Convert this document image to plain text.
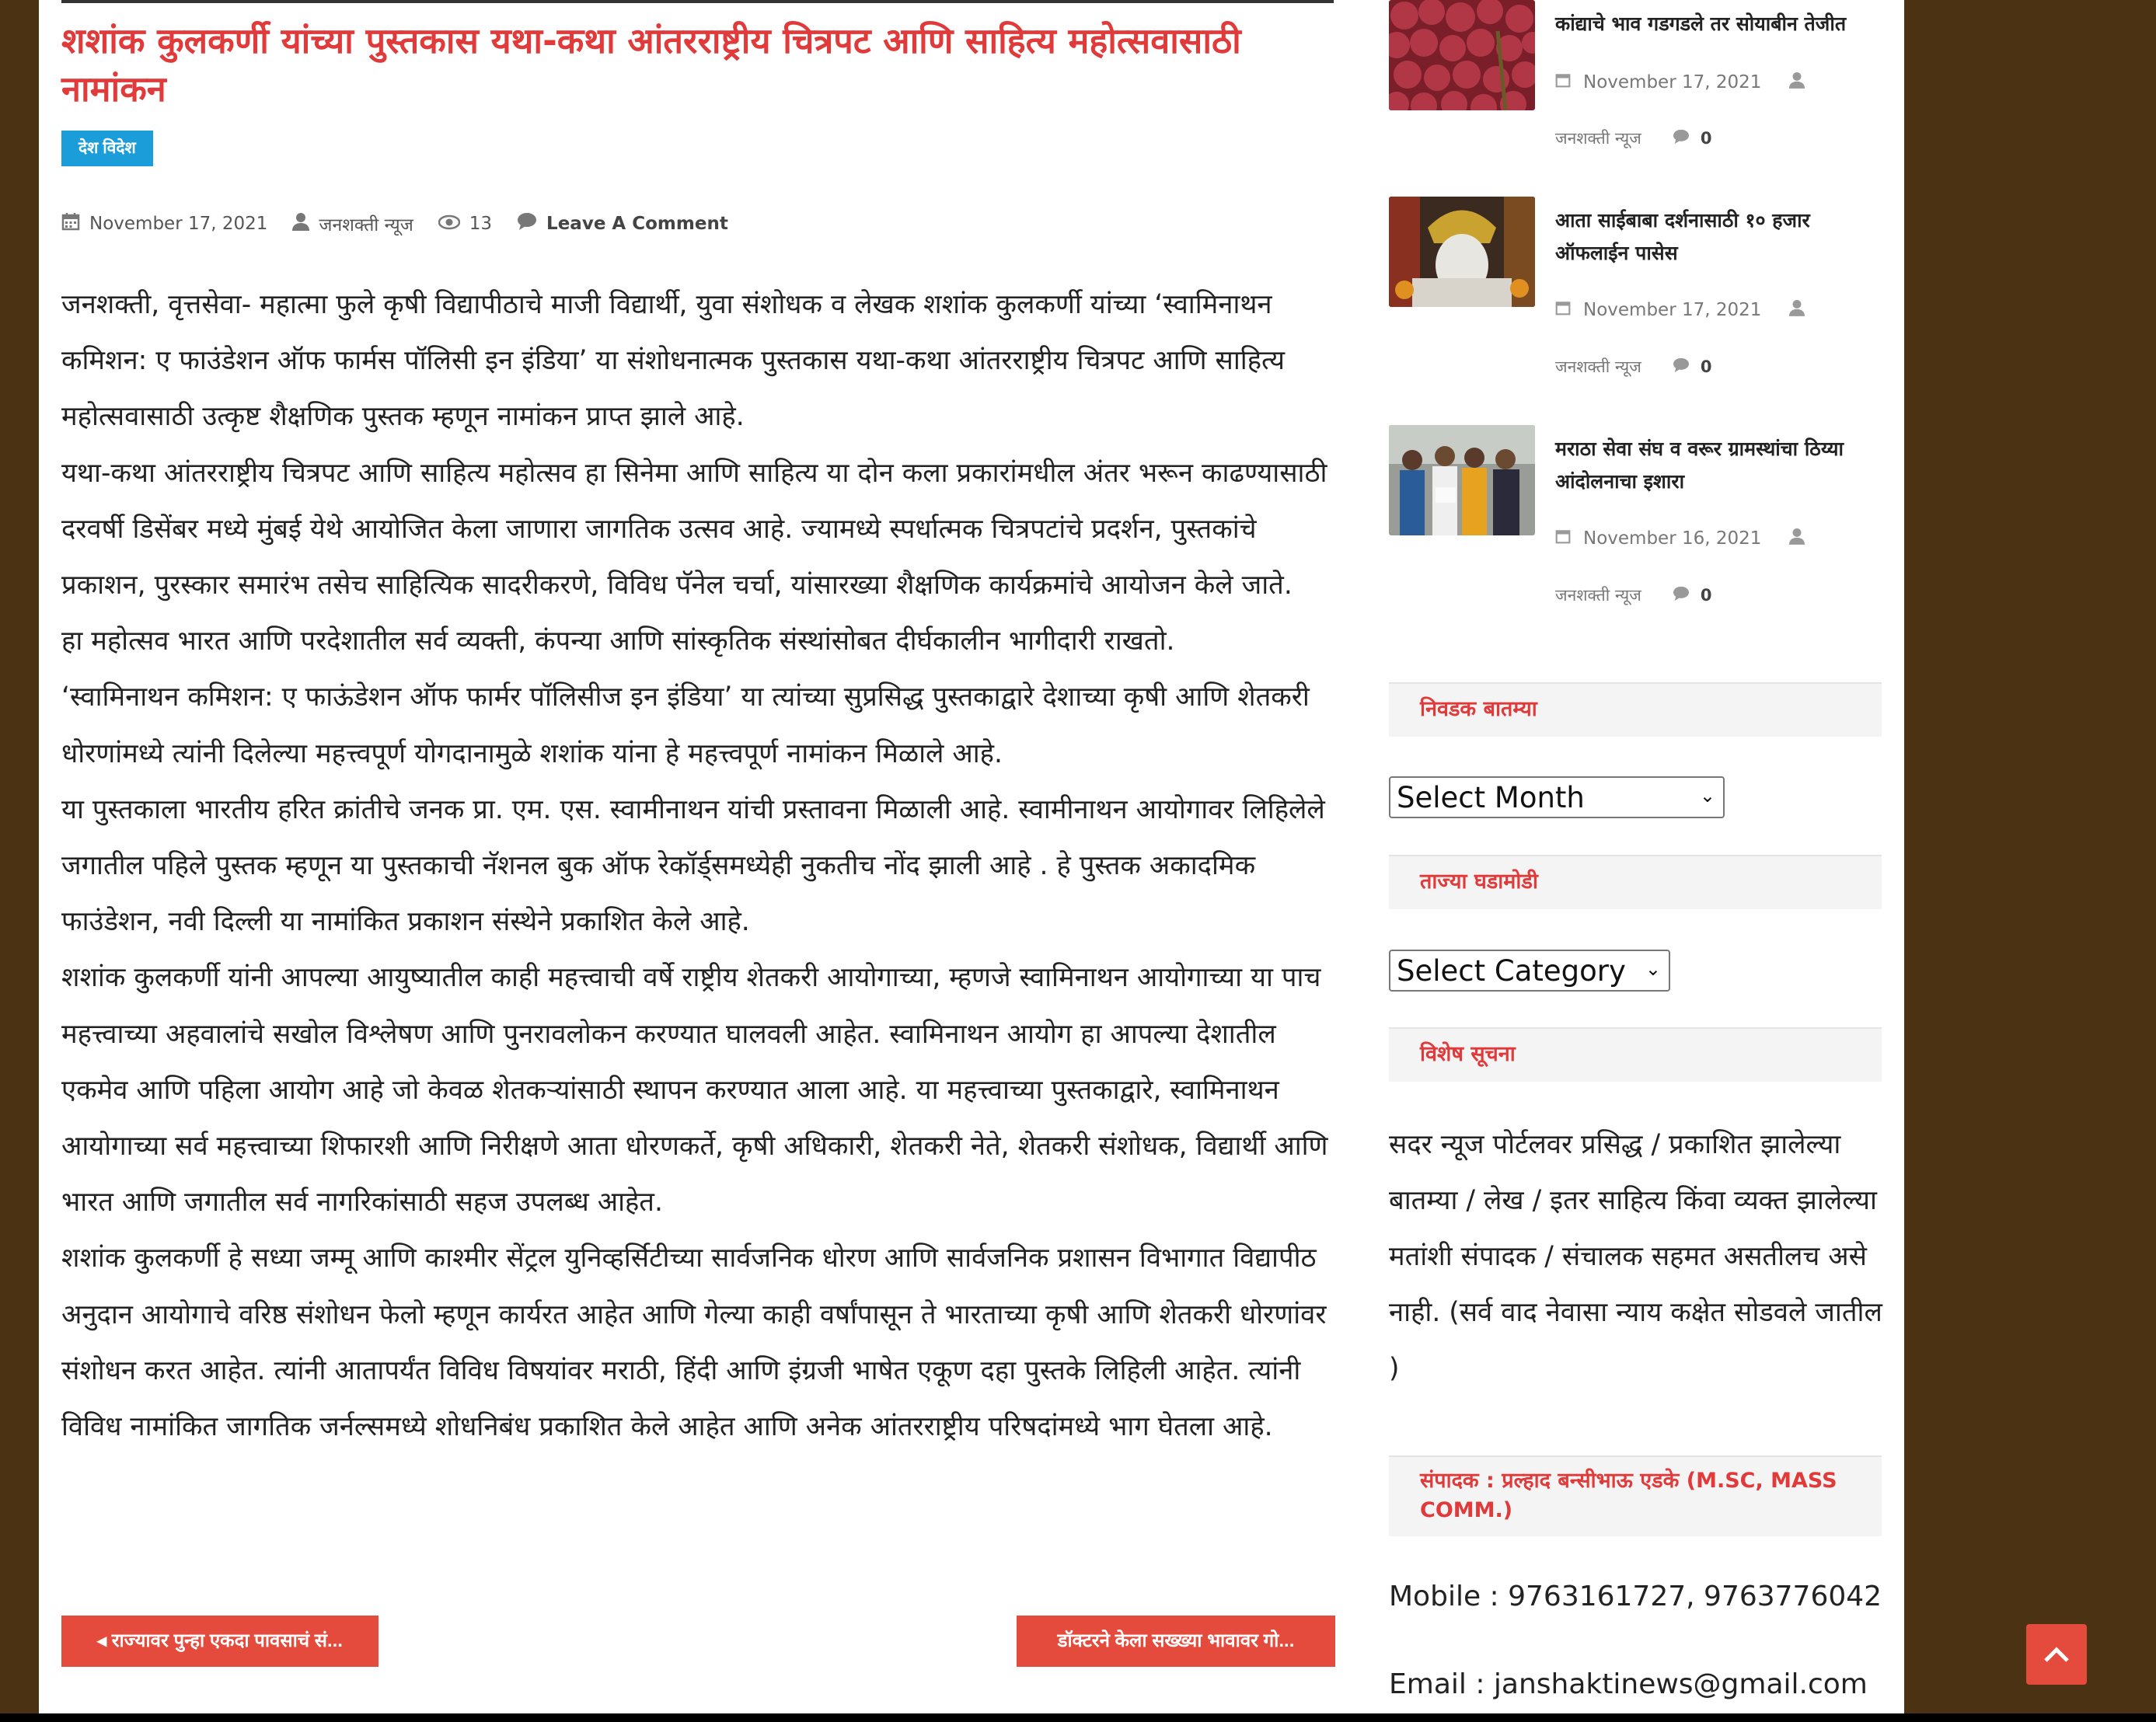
शशांक कुलकर्णी यांच्या पुस्तकास यथा-कथा आंतरराष्ट्रीय चित्रपट आणि साहित्य महोत्सवासाठी नामांकन
देश विदेश
November 17, 2021	जनशक्ती न्यूज	13	Leave A Comment

जनशक्ती, वृत्तसेवा- महात्मा फुले कृषी विद्यापीठाचे माजी विद्यार्थी, युवा संशोधक व लेखक शशांक कुलकर्णी यांच्या ‘स्वामिनाथन कमिशन: ए फाउंडेशन ऑफ फार्मस पॉलिसी इन इंडिया’ या संशोधनात्मक पुस्तकास यथा-कथा आंतरराष्ट्रीय चित्रपट आणि साहित्य महोत्सवासाठी उत्कृष्ट शैक्षणिक पुस्तक म्हणून नामांकन प्राप्त झाले आहे.

यथा-कथा आंतरराष्ट्रीय चित्रपट आणि साहित्य महोत्सव हा सिनेमा आणि साहित्य या दोन कला प्रकारांमधील अंतर भरून काढण्यासाठी दरवर्षी डिसेंबर मध्ये मुंबई येथे आयोजित केला जाणारा जागतिक उत्सव आहे. ज्यामध्ये स्पर्धात्मक चित्रपटांचे प्रदर्शन, पुस्तकांचे प्रकाशन, पुरस्कार समारंभ तसेच साहित्यिक सादरीकरणे, विविध पॅनेल चर्चा, यांसारख्या शैक्षणिक कार्यक्रमांचे आयोजन केले जाते.

हा महोत्सव भारत आणि परदेशातील सर्व व्यक्ती, कंपन्या आणि सांस्कृतिक संस्थांसोबत दीर्घकालीन भागीदारी राखतो.

‘स्वामिनाथन कमिशन: ए फाऊंडेशन ऑफ फार्मर पॉलिसीज इन इंडिया’ या त्यांच्या सुप्रसिद्ध पुस्तकाद्वारे देशाच्या कृषी आणि शेतकरी धोरणांमध्ये त्यांनी दिलेल्या महत्त्वपूर्ण योगदानामुळे शशांक यांना हे महत्त्वपूर्ण नामांकन मिळाले आहे.

या पुस्तकाला भारतीय हरित क्रांतीचे जनक प्रा. एम. एस. स्वामीनाथन यांची प्रस्तावना मिळाली आहे. स्वामीनाथन आयोगावर लिहिलेले जगातील पहिले पुस्तक म्हणून या पुस्तकाची नॅशनल बुक ऑफ रेकॉर्ड्समध्येही नुकतीच नोंद झाली आहे . हे पुस्तक अकादमिक फाउंडेशन, नवी दिल्ली या नामांकित प्रकाशन संस्थेने प्रकाशित केले आहे.

शशांक कुलकर्णी यांनी आपल्या आयुष्यातील काही महत्त्वाची वर्षे राष्ट्रीय शेतकरी आयोगाच्या, म्हणजे स्वामिनाथन आयोगाच्या या पाच महत्त्वाच्या अहवालांचे सखोल विश्लेषण आणि पुनरावलोकन करण्यात घालवली आहेत. स्वामिनाथन आयोग हा आपल्या देशातील एकमेव आणि पहिला आयोग आहे जो केवळ शेतकऱ्यांसाठी स्थापन करण्यात आला आहे. या महत्त्वाच्या पुस्तकाद्वारे, स्वामिनाथन आयोगाच्या सर्व महत्त्वाच्या शिफारशी आणि निरीक्षणे आता धोरणकर्ते, कृषी अधिकारी, शेतकरी नेते, शेतकरी संशोधक, विद्यार्थी आणि भारत आणि जगातील सर्व नागरिकांसाठी सहज उपलब्ध आहेत.

शशांक कुलकर्णी हे सध्या जम्मू आणि काश्मीर सेंट्रल युनिव्हर्सिटीच्या सार्वजनिक धोरण आणि सार्वजनिक प्रशासन विभागात विद्यापीठ अनुदान आयोगाचे वरिष्ठ संशोधन फेलो म्हणून कार्यरत आहेत आणि गेल्या काही वर्षांपासून ते भारताच्या कृषी आणि शेतकरी धोरणांवर संशोधन करत आहेत. त्यांनी आतापर्यंत विविध विषयांवर मराठी, हिंदी आणि इंग्रजी भाषेत एकूण दहा पुस्तके लिहिली आहेत. त्यांनी विविध नामांकित जागतिक जर्नल्समध्ये शोधनिबंध प्रकाशित केले आहेत आणि अनेक आंतरराष्ट्रीय परिषदांमध्ये भाग घेतला आहे.

◂ राज्यावर पुन्हा एकदा पावसाचं सं...	डॉक्टरने केला सख्ख्या भावावर गो...
कांद्याचे भाव गडगडले तर सोयाबीन तेजीत
November 17, 2021
जनशक्ती न्यूज	0
आता साईबाबा दर्शनासाठी १० हजार ऑफलाईन पासेस
November 17, 2021
जनशक्ती न्यूज	0
मराठा सेवा संघ व वरूर ग्रामस्थांचा ठिय्या आंदोलनाचा इशारा
November 16, 2021
जनशक्ती न्यूज	0
निवडक बातम्या
Select Month	⌄
ताज्या घडामोडी
Select Category ⌄
विशेष सूचना
सदर न्यूज पोर्टलवर प्रसिद्ध / प्रकाशित झालेल्या बातम्या / लेख / इतर साहित्य किंवा व्यक्त झालेल्या मतांशी संपादक / संचालक सहमत असतीलच असे नाही. (सर्व वाद नेवासा न्याय कक्षेत सोडवले जातील )
संपादक : प्रल्हाद बन्सीभाऊ एडके (M.SC, MASS COMM.)
Mobile : 9763161727, 9763776042
Email : janshaktinews@gmail.com
